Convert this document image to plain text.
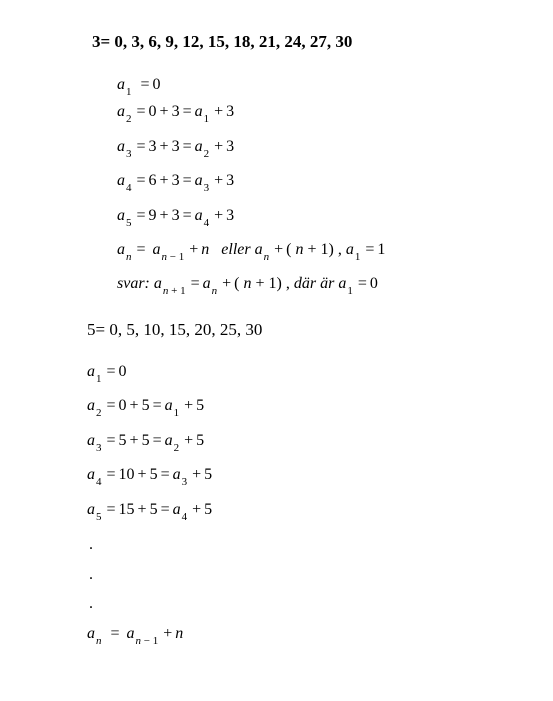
3= 0, 3, 6, 9, 12, 15, 18, 21, 24, 27, 30
$a_1 = 0$
$a_2 = 0 + 3 = a_1 + 3$
$a_3 = 3 + 3 = a_2 + 3$
$a_4 = 6 + 3 = a_3 + 3$
$a_5 = 9 + 3 = a_4 + 3$
$a_n = a_{n - 1} + n$ eller $a_n$ + ( n + 1) , $a_1 = 1$
svar: $a_{n + 1} = a_n$ + ( n + 1) , där är $a_1 = 0$
5= 0, 5, 10, 15, 20, 25, 30
$a_1 = 0$
$a_2 = 0 + 5 = a_1 + 5$
$a_3 = 5 + 5 = a_2 + 5$
$a_4 = 10 + 5 = a_3 + 5$
$a_5 = 15 + 5 = a_4 + 5$
.
.
.
$a_n = a_{n - 1} + n$
